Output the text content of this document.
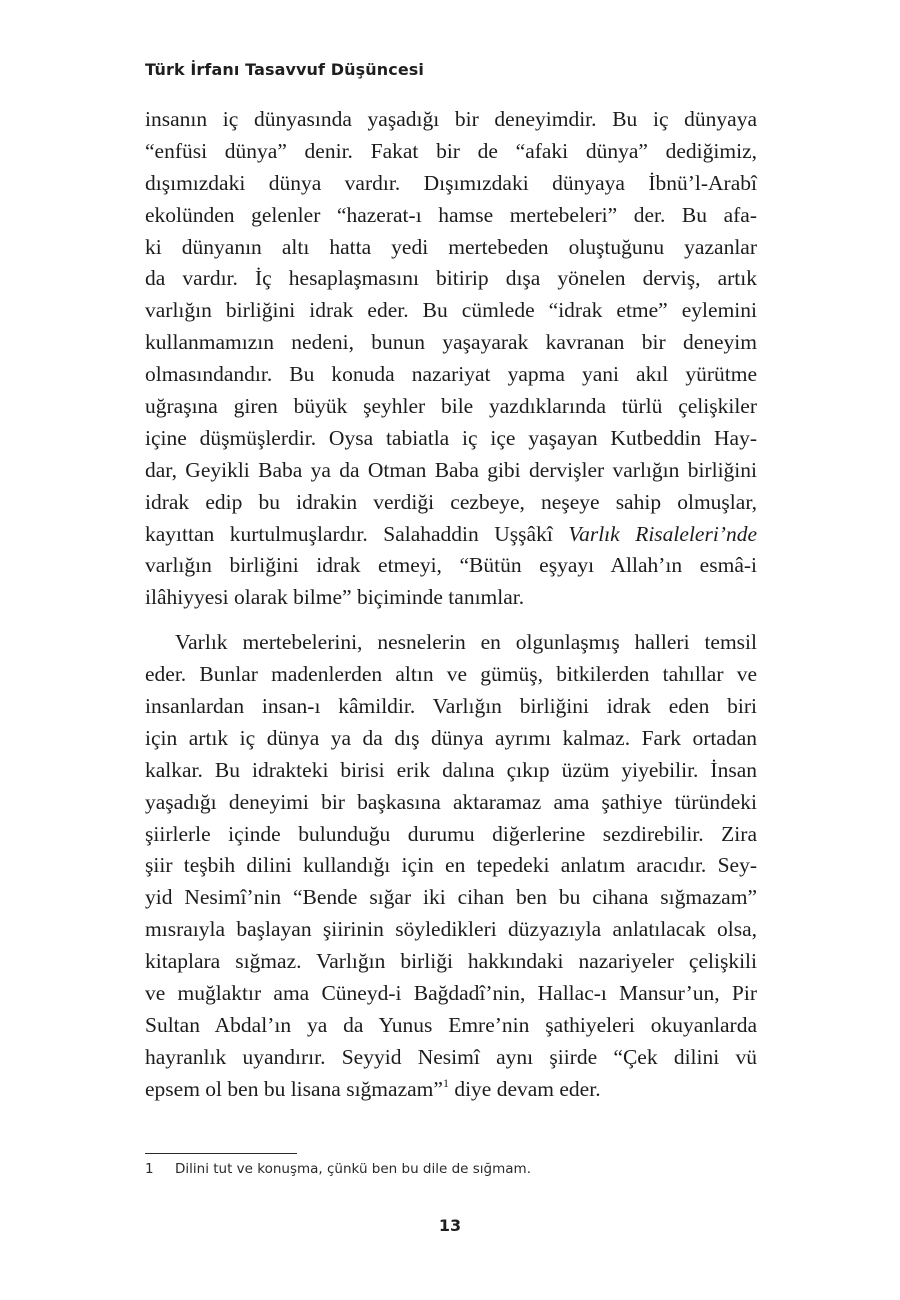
Türk İrfanı Tasavvuf Düşüncesi
insanın iç dünyasında yaşadığı bir deneyimdir. Bu iç dünyaya
“enfüsi dünya” denir. Fakat bir de “afaki dünya” dediğimiz,
dışımızdaki dünya vardır. Dışımızdaki dünyaya İbnü’l-Arabî
ekolünden gelenler “hazerat-ı hamse mertebeleri” der. Bu afa-
ki dünyanın altı hatta yedi mertebeden oluştuğunu yazanlar
da vardır. İç hesaplaşmasını bitirip dışa yönelen derviş, artık
varlığın birliğini idrak eder. Bu cümlede “idrak etme” eylemini
kullanmamızın nedeni, bunun yaşayarak kavranan bir deneyim
olmasındandır. Bu konuda nazariyat yapma yani akıl yürütme
uğraşına giren büyük şeyhler bile yazdıklarında türlü çelişkiler
içine düşmüşlerdir. Oysa tabiatla iç içe yaşayan Kutbeddin Hay-
dar, Geyikli Baba ya da Otman Baba gibi dervişler varlığın birliğini
idrak edip bu idrakin verdiği cezbeye, neşeye sahip olmuşlar,
kayıttan kurtulmuşlardır. Salahaddin Uşşâkî Varlık Risaleleri’nde
varlığın birliğini idrak etmeyi, “Bütün eşyayı Allah’ın esmâ-i
ilâhiyyesi olarak bilme” biçiminde tanımlar.
Varlık mertebelerini, nesnelerin en olgunlaşmış halleri temsil
eder. Bunlar madenlerden altın ve gümüş, bitkilerden tahıllar ve
insanlardan insan-ı kâmildir. Varlığın birliğini idrak eden biri
için artık iç dünya ya da dış dünya ayrımı kalmaz. Fark ortadan
kalkar. Bu idrakteki birisi erik dalına çıkıp üzüm yiyebilir. İnsan
yaşadığı deneyimi bir başkasına aktaramaz ama şathiye türündeki
şiirlerle içinde bulunduğu durumu diğerlerine sezdirebilir. Zira
şiir teşbih dilini kullandığı için en tepedeki anlatım aracıdır. Sey-
yid Nesimî’nin “Bende sığar iki cihan ben bu cihana sığmazam”
mısraıyla başlayan şiirinin söyledikleri düzyazıyla anlatılacak olsa,
kitaplara sığmaz. Varlığın birliği hakkındaki nazariyeler çelişkili
ve muğlaktır ama Cüneyd-i Bağdadî’nin, Hallac-ı Mansur’un, Pir
Sultan Abdal’ın ya da Yunus Emre’nin şathiyeleri okuyanlarda
hayranlık uyandırır. Seyyid Nesimî aynı şiirde “Çek dilini vü
epsem ol ben bu lisana sığmazam”$^1$ diye devam eder.
1 Dilini tut ve konuşma, çünkü ben bu dile de sığmam.
13
